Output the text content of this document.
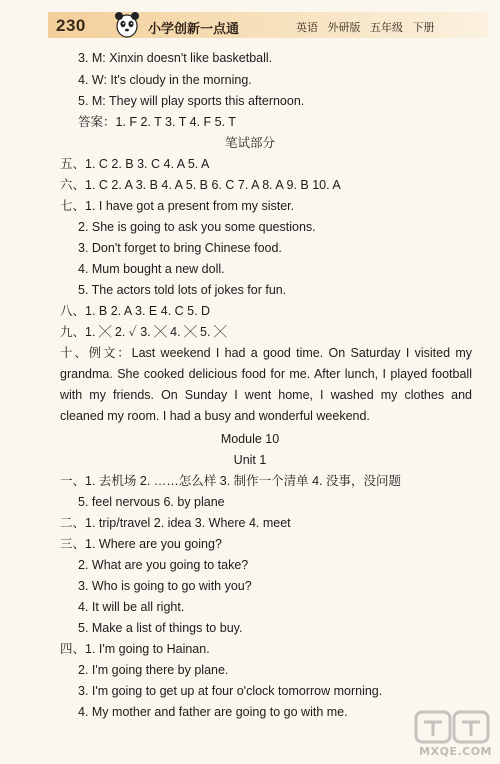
230	小学创新一点通	英语 外研版 五年级 下册
3. M: Xinxin doesn't like basketball.
4. W: It's cloudy in the morning.
5. M: They will play sports this afternoon.
答案：1. F 2. T 3. T 4. F 5. T
笔试部分
五、1. C 2. B 3. C 4. A 5. A
六、1. C 2. A 3. B 4. A 5. B 6. C 7. A 8. A 9. B 10. A
七、1. I have got a present from my sister.
2. She is going to ask you some questions.
3. Don't forget to bring Chinese food.
4. Mum bought a new doll.
5. The actors told lots of jokes for fun.
八、1. B 2. A 3. E 4. C 5. D
九、1. ╳ 2. ✓ 3. ╳ 4. ╳ 5. ╳
十、例文：Last weekend I had a good time. On Saturday I visited my grandma. She cooked delicious food for me. After lunch, I played football with my friends. On Sunday I went home, I washed my clothes and cleaned my room. I had a busy and wonderful weekend.
Module 10
Unit 1
一、1. 去机场 2. ……怎么样 3. 制作一个清单 4. 没事，没问题
5. feel nervous 6. by plane
二、1. trip/travel 2. idea 3. Where 4. meet
三、1. Where are you going?
2. What are you going to take?
3. Who is going to go with you?
4. It will be all right.
5. Make a list of things to buy.
四、1. I'm going to Hainan.
2. I'm going there by plane.
3. I'm going to get up at four o'clock tomorrow morning.
4. My mother and father are going to go with me.
MXQE.COM
